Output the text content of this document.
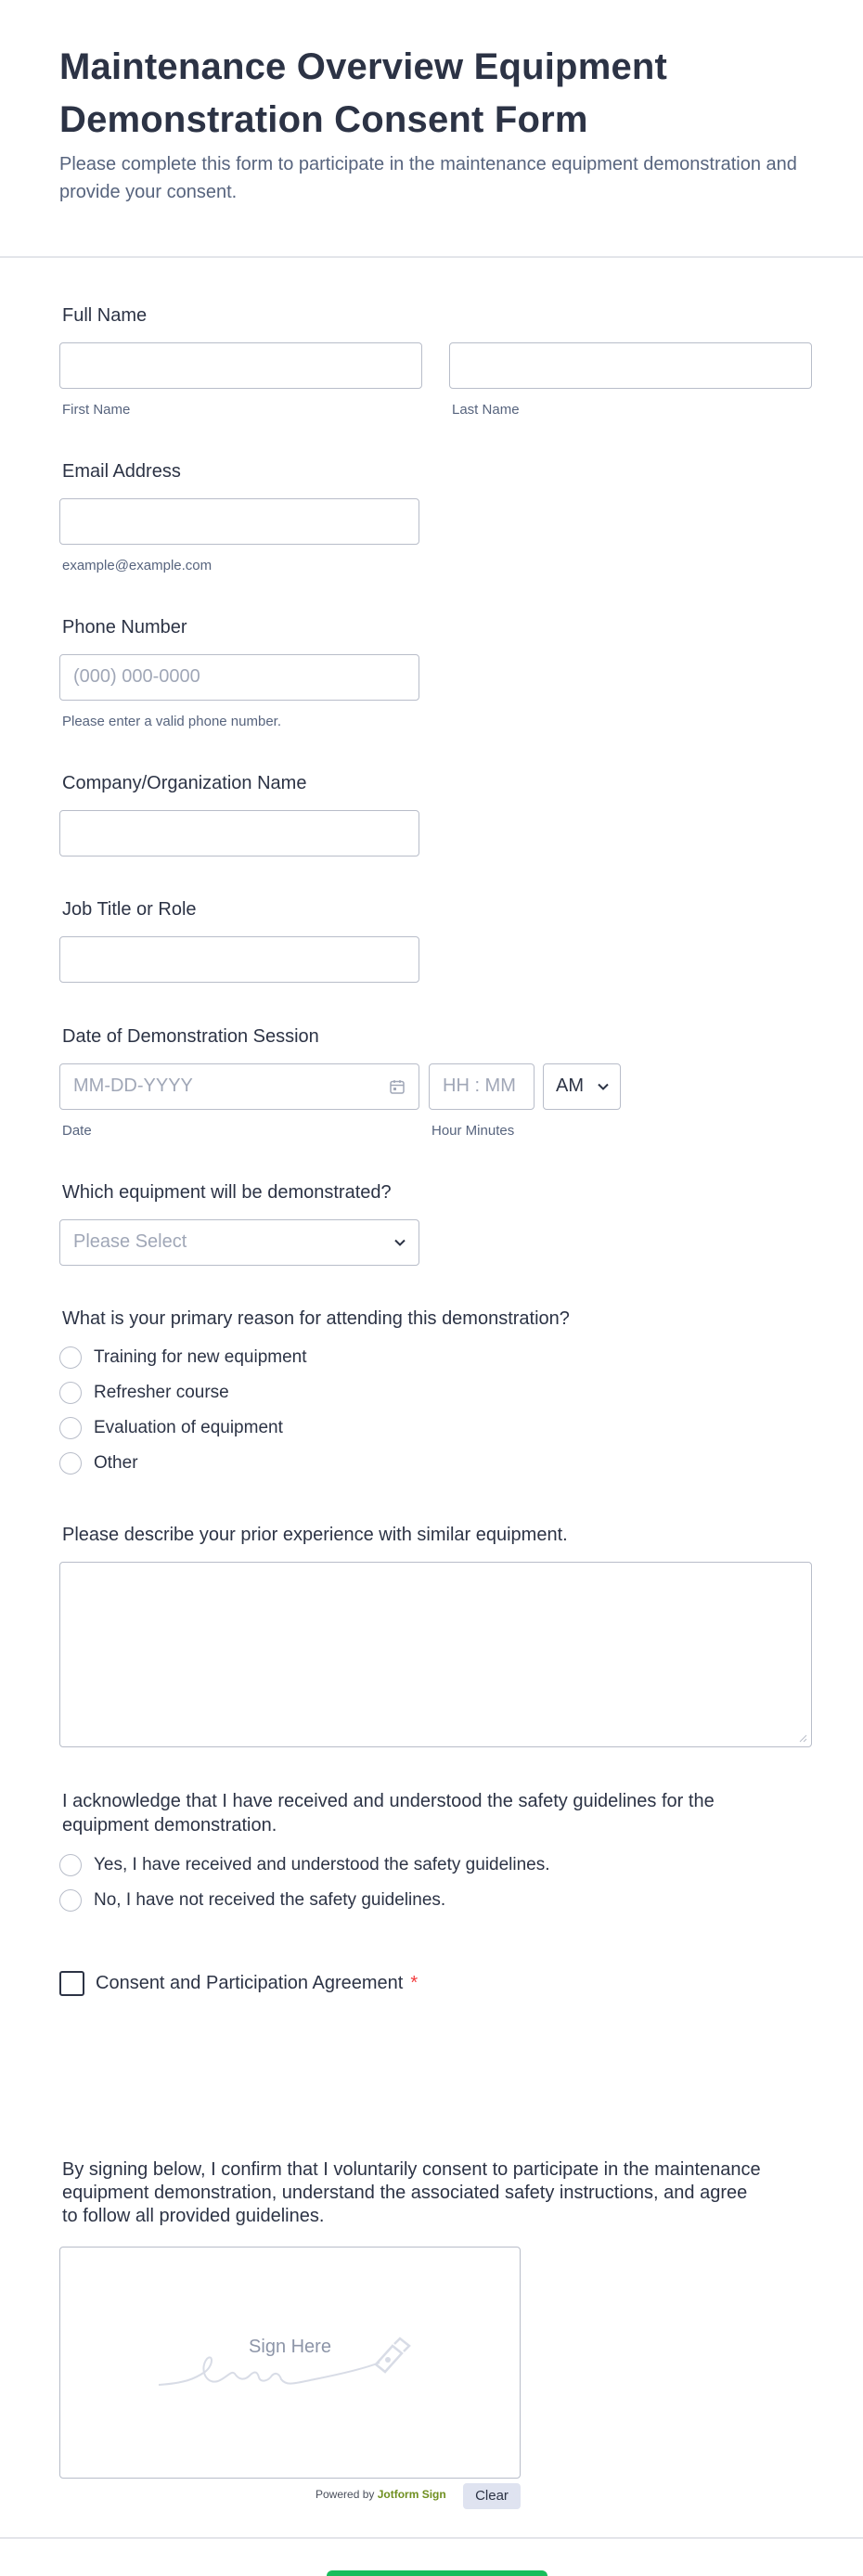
Maintenance Overview Equipment Demonstration Consent Form
Please complete this form to participate in the maintenance equipment demonstration and provide your consent.
Full Name
First Name	Last Name
Email Address
example@example.com
Phone Number
(000) 000-0000
Please enter a valid phone number.
Company/Organization Name
Job Title or Role
Date of Demonstration Session
MM-DD-YYYY	HH : MM AM
Date	Hour Minutes
Which equipment will be demonstrated?
Please Select
What is your primary reason for attending this demonstration?
Training for new equipment
Refresher course
Evaluation of equipment
Other
Please describe your prior experience with similar equipment.
I acknowledge that I have received and understood the safety guidelines for the equipment demonstration.
Yes, I have received and understood the safety guidelines.
No, I have not received the safety guidelines.
Consent and Participation Agreement *
By signing below, I confirm that I voluntarily consent to participate in the maintenance equipment demonstration, understand the associated safety instructions, and agree to follow all provided guidelines.
Sign Here
Powered by Jotform Sign	Clear
